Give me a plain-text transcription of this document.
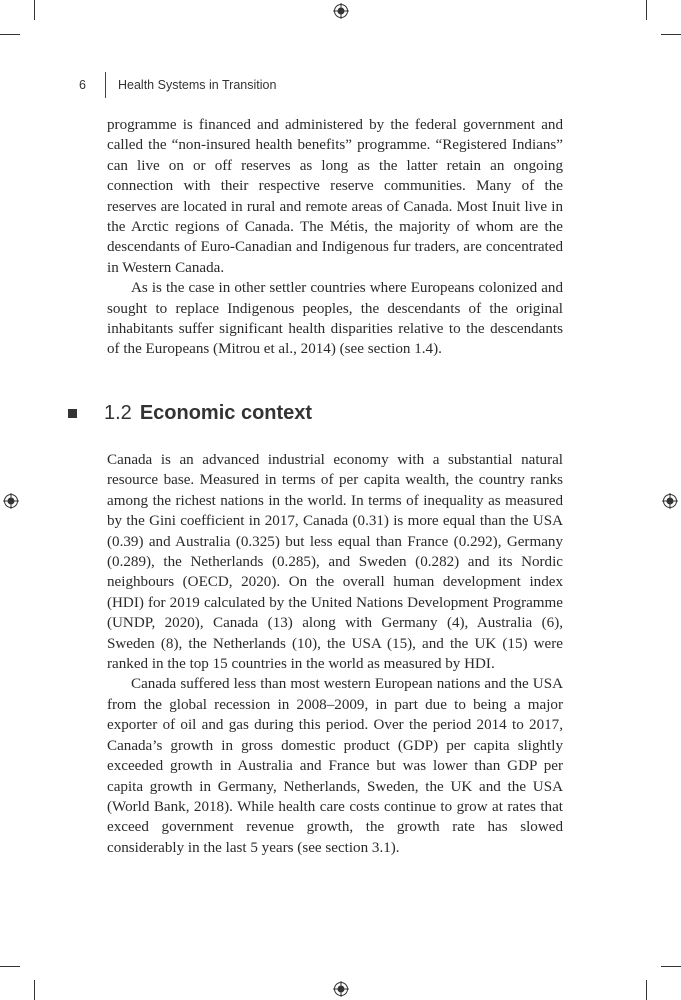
6	Health Systems in Transition

programme is financed and administered by the federal government and called the “non-insured health benefits” programme. “Registered Indians” can live on or off reserves as long as the latter retain an ongoing connection with their respective reserve communities. Many of the reserves are located in rural and remote areas of Canada. Most Inuit live in the Arctic regions of Canada. The Métis, the majority of whom are the descendants of Euro-Canadian and Indigenous fur traders, are concentrated in Western Canada.

As is the case in other settler countries where Europeans colonized and sought to replace Indigenous peoples, the descendants of the original inhabitants suffer significant health disparities relative to the descendants of the Europeans (Mitrou et al., 2014) (see section 1.4).

1.2 Economic context

Canada is an advanced industrial economy with a substantial natural resource base. Measured in terms of per capita wealth, the country ranks among the richest nations in the world. In terms of inequality as measured by the Gini coefficient in 2017, Canada (0.31) is more equal than the USA (0.39) and Australia (0.325) but less equal than France (0.292), Germany (0.289), the Netherlands (0.285), and Sweden (0.282) and its Nordic neighbours (OECD, 2020). On the overall human development index (HDI) for 2019 calculated by the United Nations Development Programme (UNDP, 2020), Canada (13) along with Germany (4), Australia (6), Sweden (8), the Netherlands (10), the USA (15), and the UK (15) were ranked in the top 15 countries in the world as measured by HDI.

Canada suffered less than most western European nations and the USA from the global recession in 2008–2009, in part due to being a major exporter of oil and gas during this period. Over the period 2014 to 2017, Canada’s growth in gross domestic product (GDP) per capita slightly exceeded growth in Australia and France but was lower than GDP per capita growth in Germany, Netherlands, Sweden, the UK and the USA (World Bank, 2018). While health care costs continue to grow at rates that exceed government revenue growth, the growth rate has slowed considerably in the last 5 years (see section 3.1).
